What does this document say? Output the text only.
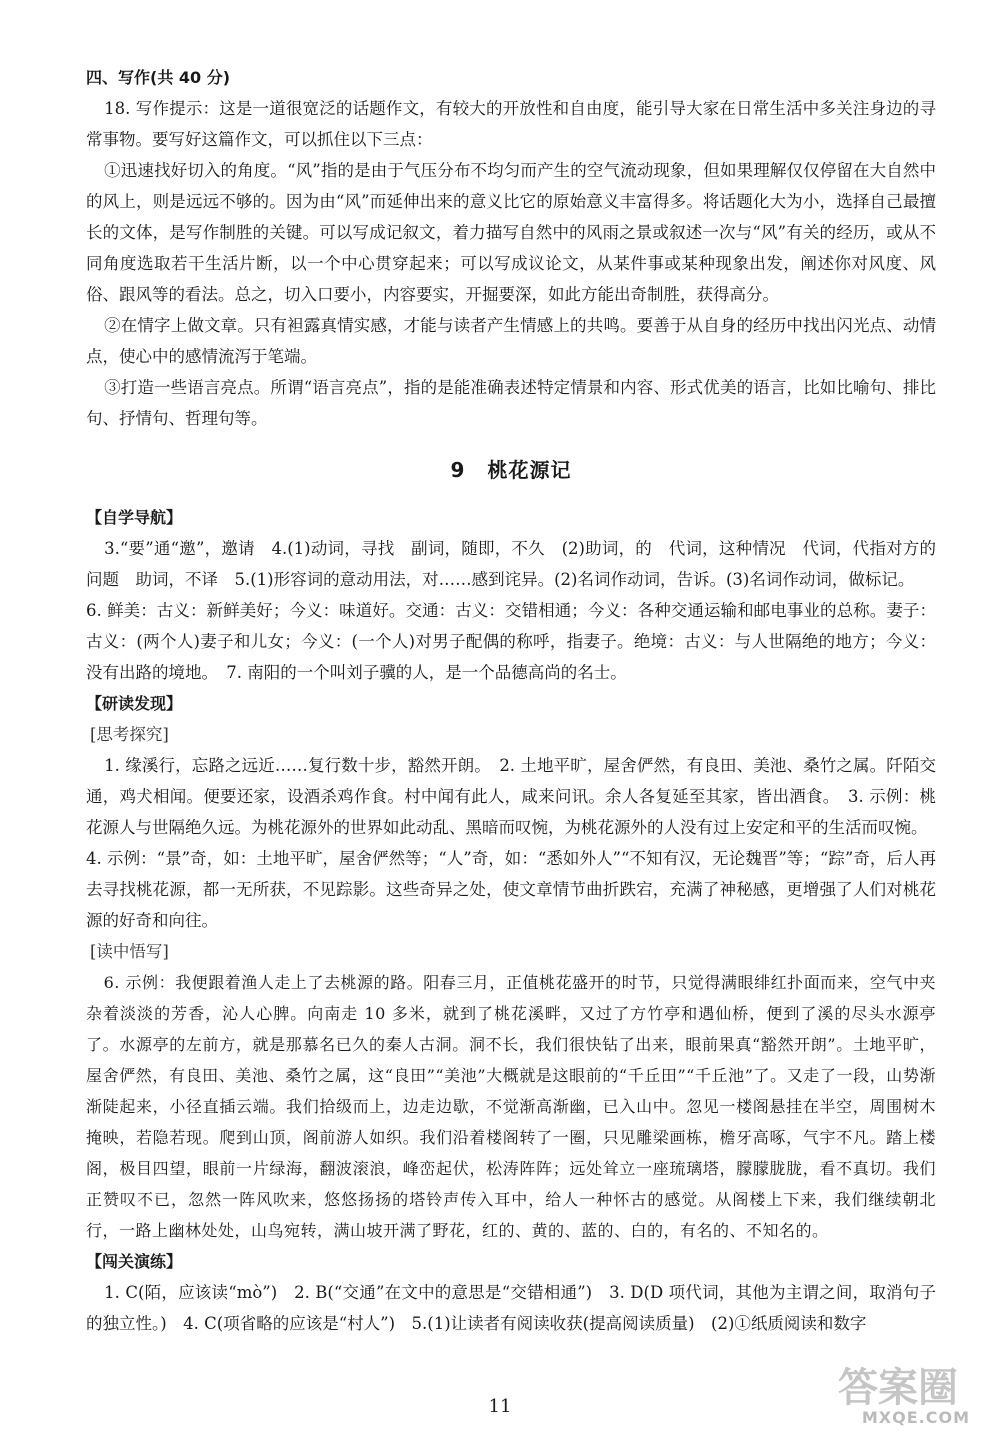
四、写作(共 40 分)

18. 写作提示：这是一道很宽泛的话题作文，有较大的开放性和自由度，能引导大家在日常生活中多关注身边的寻常事物。要写好这篇作文，可以抓住以下三点：

①迅速找好切入的角度。“风”指的是由于气压分布不均匀而产生的空气流动现象，但如果理解仅仅停留在大自然中的风上，则是远远不够的。因为由“风”而延伸出来的意义比它的原始意义丰富得多。将话题化大为小，选择自己最擅长的文体，是写作制胜的关键。可以写成记叙文，着力描写自然中的风雨之景或叙述一次与“风”有关的经历，或从不同角度选取若干生活片断，以一个中心贯穿起来；可以写成议论文，从某件事或某种现象出发，阐述你对风度、风俗、跟风等的看法。总之，切入口要小，内容要实，开掘要深，如此方能出奇制胜，获得高分。

②在情字上做文章。只有袒露真情实感，才能与读者产生情感上的共鸣。要善于从自身的经历中找出闪光点、动情点，使心中的感情流泻于笔端。

③打造一些语言亮点。所谓“语言亮点”，指的是能准确表述特定情景和内容、形式优美的语言，比如比喻句、排比句、抒情句、哲理句等。

9 桃花源记

【自学导航】

3.“要”通“邀”，邀请　4.(1)动词，寻找　副词，随即，不久　(2)助词，的　代词，这种情况　代词，代指对方的问题　助词，不译　5.(1)形容词的意动用法，对……感到诧异。(2)名词作动词，告诉。(3)名词作动词，做标记。

6. 鲜美：古义：新鲜美好；今义：味道好。交通：古义：交错相通；今义：各种交通运输和邮电事业的总称。妻子：古义：(两个人)妻子和儿女；今义：(一个人)对男子配偶的称呼，指妻子。绝境：古义：与人世隔绝的地方；今义：没有出路的境地。　7. 南阳的一个叫刘子骥的人，是一个品德高尚的名士。

【研读发现】

[思考探究]

1. 缘溪行，忘路之远近……复行数十步，豁然开朗。　2. 土地平旷，屋舍俨然，有良田、美池、桑竹之属。阡陌交通，鸡犬相闻。便要还家，设酒杀鸡作食。村中闻有此人，咸来问讯。余人各复延至其家，皆出酒食。　3. 示例：桃花源人与世隔绝久远。为桃花源外的世界如此动乱、黑暗而叹惋，为桃花源外的人没有过上安定和平的生活而叹惋。

4. 示例：“景”奇，如：土地平旷，屋舍俨然等；“人”奇，如：“悉如外人”“不知有汉，无论魏晋”等；“踪”奇，后人再去寻找桃花源，都一无所获，不见踪影。这些奇异之处，使文章情节曲折跌宕，充满了神秘感，更增强了人们对桃花源的好奇和向往。

[读中悟写]

6. 示例：我便跟着渔人走上了去桃源的路。阳春三月，正值桃花盛开的时节，只觉得满眼绯红扑面而来，空气中夹杂着淡淡的芳香，沁人心脾。向南走 10 多米，就到了桃花溪畔，又过了方竹亭和遇仙桥，便到了溪的尽头水源亭了。水源亭的左前方，就是那慕名已久的秦人古洞。洞不长，我们很快钻了出来，眼前果真“豁然开朗”。土地平旷，屋舍俨然，有良田、美池、桑竹之属，这“良田”“美池”大概就是这眼前的“千丘田”“千丘池”了。又走了一段，山势渐渐陡起来，小径直插云端。我们拾级而上，边走边歇，不觉渐高渐幽，已入山中。忽见一楼阁悬挂在半空，周围树木掩映，若隐若现。爬到山顶，阁前游人如织。我们沿着楼阁转了一圈，只见雕梁画栋，檐牙高啄，气宇不凡。踏上楼阁，极目四望，眼前一片绿海，翻波滚浪，峰峦起伏，松涛阵阵；远处耸立一座琉璃塔，朦朦胧胧，看不真切。我们正赞叹不已，忽然一阵风吹来，悠悠扬扬的塔铃声传入耳中，给人一种怀古的感觉。从阁楼上下来，我们继续朝北行，一路上幽林处处，山鸟宛转，满山坡开满了野花，红的、黄的、蓝的、白的，有名的、不知名的。

【闯关演练】

1. C(陌，应该读“mò”)　2. B(“交通”在文中的意思是“交错相通”)　3. D(D 项代词，其他为主谓之间，取消句子的独立性。)　4. C(项省略的应该是“村人”)　5.(1)让读者有阅读收获(提高阅读质量)　(2)①纸质阅读和数字

11	答案圈
MXQE.COM
